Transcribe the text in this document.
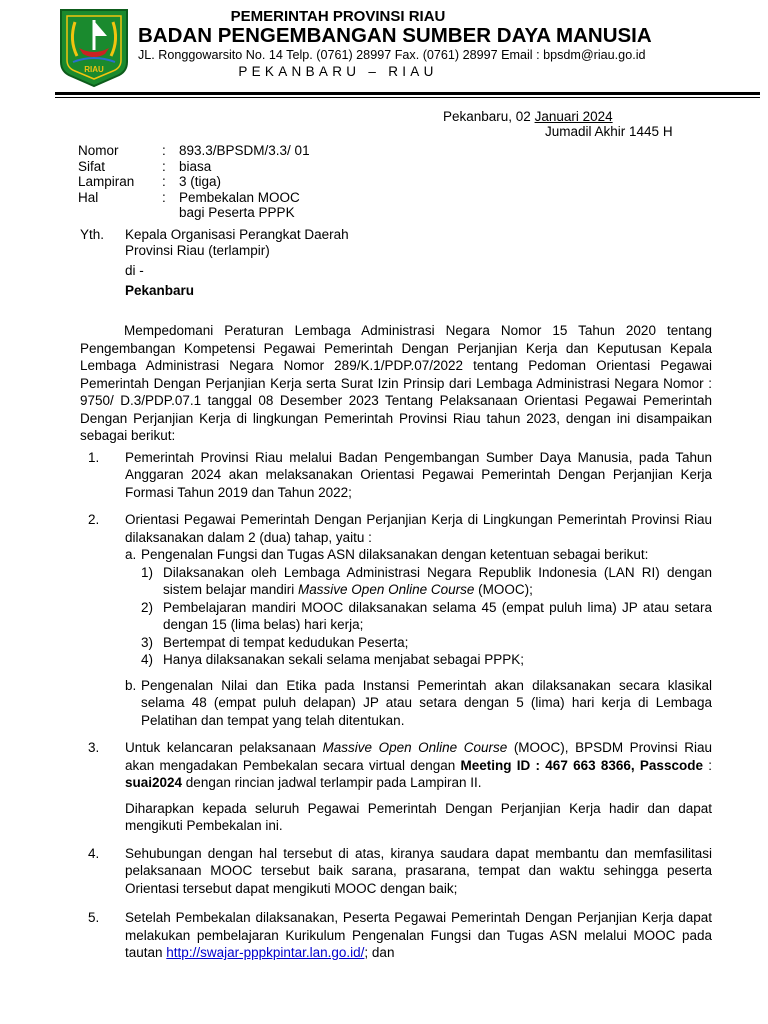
RIAU
PEMERINTAH PROVINSI RIAU
BADAN PENGEMBANGAN SUMBER DAYA MANUSIA
JL. Ronggowarsito No. 14 Telp. (0761) 28997 Fax. (0761) 28997 Email : bpsdm@riau.go.id
PEKANBARU – RIAU
Pekanbaru, 02 Januari 2024
Jumadil Akhir 1445 H
Nomor	: 893.3/BPSDM/3.3/ 01
Sifat	: biasa
Lampiran	: 3 (tiga)
Hal	: Pembekalan MOOC
bagi Peserta PPPK
Yth.	Kepala Organisasi Perangkat Daerah
Provinsi Riau (terlampir)
di -
Pekanbaru

Mempedomani Peraturan Lembaga Administrasi Negara Nomor 15 Tahun 2020 tentang Pengembangan Kompetensi Pegawai Pemerintah Dengan Perjanjian Kerja dan Keputusan Kepala Lembaga Administrasi Negara Nomor 289/K.1/PDP.07/2022 tentang Pedoman Orientasi Pegawai Pemerintah Dengan Perjanjian Kerja serta Surat Izin Prinsip dari Lembaga Administrasi Negara Nomor : 9750/ D.3/PDP.07.1 tanggal 08 Desember 2023 Tentang Pelaksanaan Orientasi Pegawai Pemerintah Dengan Perjanjian Kerja di lingkungan Pemerintah Provinsi Riau tahun 2023, dengan ini disampaikan sebagai berikut:

1. Pemerintah Provinsi Riau melalui Badan Pengembangan Sumber Daya Manusia, pada Tahun Anggaran 2024 akan melaksanakan Orientasi Pegawai Pemerintah Dengan Perjanjian Kerja Formasi Tahun 2019 dan Tahun 2022;
2. Orientasi Pegawai Pemerintah Dengan Perjanjian Kerja di Lingkungan Pemerintah Provinsi Riau dilaksanakan dalam 2 (dua) tahap, yaitu :
a. Pengenalan Fungsi dan Tugas ASN dilaksanakan dengan ketentuan sebagai berikut:
1) Dilaksanakan oleh Lembaga Administrasi Negara Republik Indonesia (LAN RI) dengan sistem belajar mandiri Massive Open Online Course (MOOC);
2) Pembelajaran mandiri MOOC dilaksanakan selama 45 (empat puluh lima) JP atau setara dengan 15 (lima belas) hari kerja;
3) Bertempat di tempat kedudukan Peserta;
4) Hanya dilaksanakan sekali selama menjabat sebagai PPPK;
b. Pengenalan Nilai dan Etika pada Instansi Pemerintah akan dilaksanakan secara klasikal selama 48 (empat puluh delapan) JP atau setara dengan 5 (lima) hari kerja di Lembaga Pelatihan dan tempat yang telah ditentukan.
3. Untuk kelancaran pelaksanaan Massive Open Online Course (MOOC), BPSDM Provinsi Riau akan mengadakan Pembekalan secara virtual dengan Meeting ID : 467 663 8366, Passcode : suai2024 dengan rincian jadwal terlampir pada Lampiran II.
Diharapkan kepada seluruh Pegawai Pemerintah Dengan Perjanjian Kerja hadir dan dapat mengikuti Pembekalan ini.
4. Sehubungan dengan hal tersebut di atas, kiranya saudara dapat membantu dan memfasilitasi pelaksanaan MOOC tersebut baik sarana, prasarana, tempat dan waktu sehingga peserta Orientasi tersebut dapat mengikuti MOOC dengan baik;
5. Setelah Pembekalan dilaksanakan, Peserta Pegawai Pemerintah Dengan Perjanjian Kerja dapat melakukan pembelajaran Kurikulum Pengenalan Fungsi dan Tugas ASN melalui MOOC pada tautan http://swajar-pppkpintar.lan.go.id/; dan
